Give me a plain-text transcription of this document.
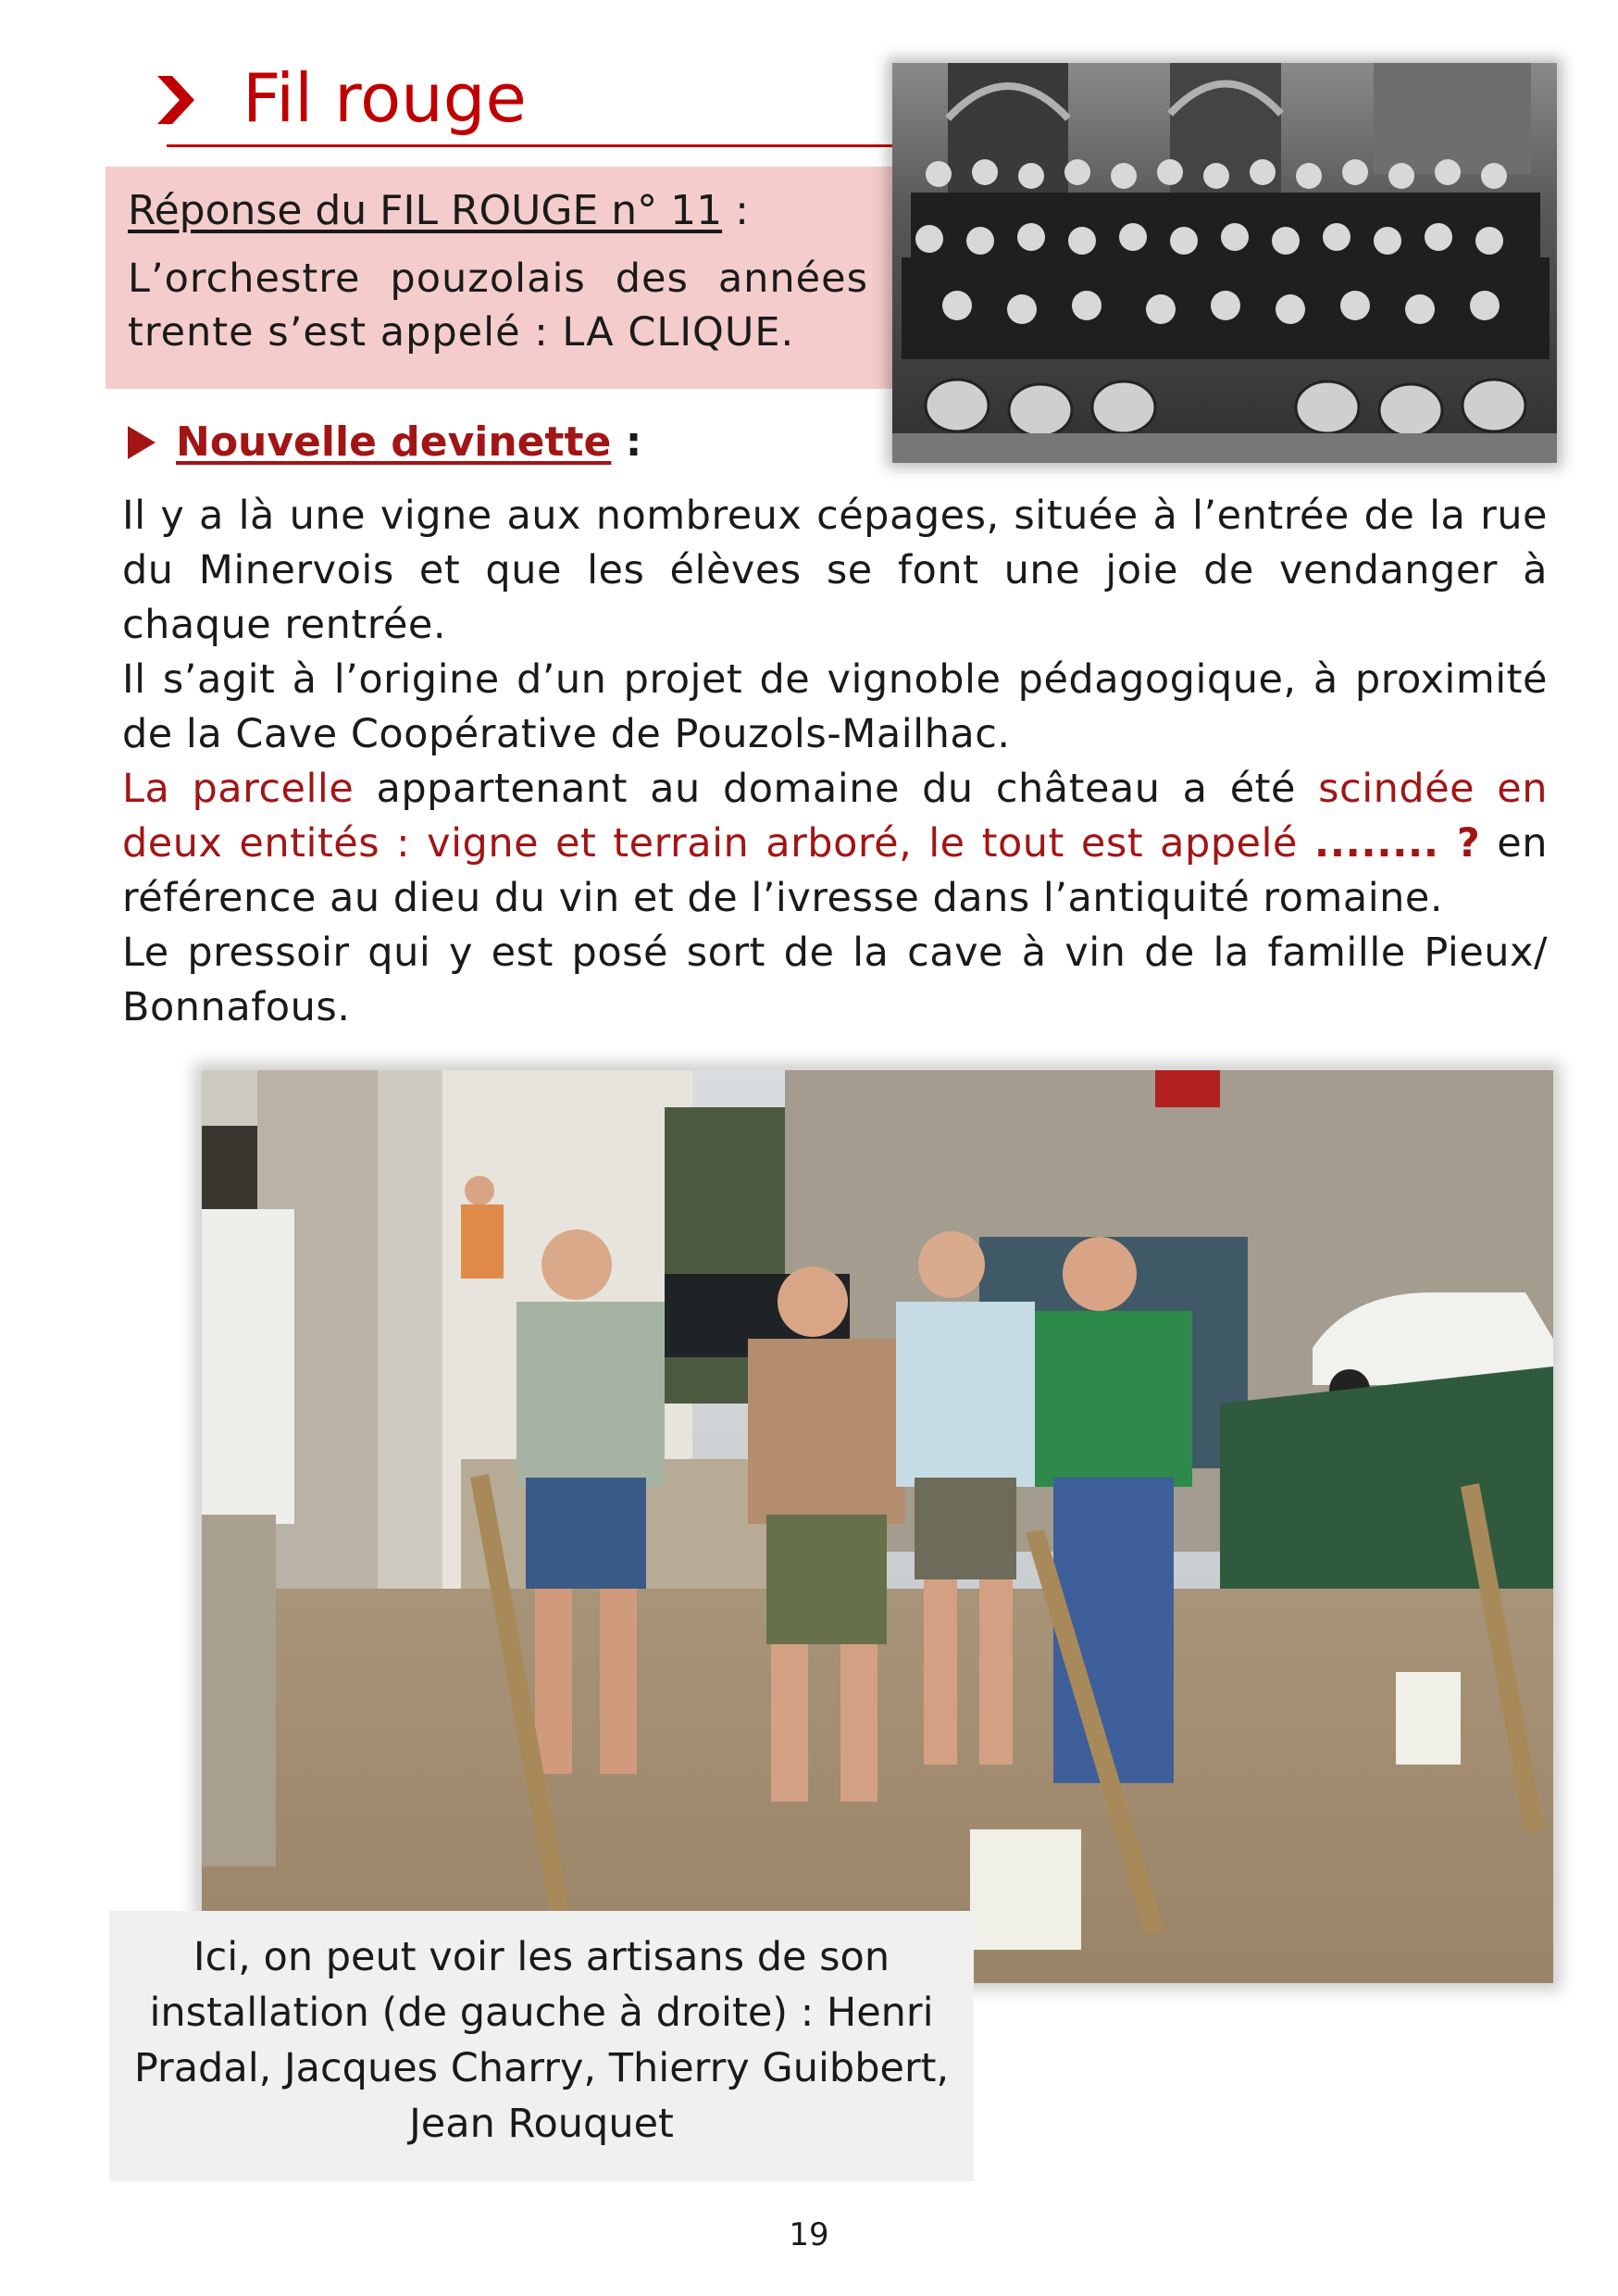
Fil rouge
Réponse du FIL ROUGE n° 11 :
L’orchestre pouzolais des années trente s’est appelé : LA CLIQUE.
Nouvelle devinette :

Il y a là une vigne aux nombreux cépages, située à l’entrée de la rue du Minervois et que les élèves se font une joie de vendanger à chaque rentrée.

Il s’agit à l’origine d’un projet de vignoble pédagogique, à proximité de la Cave Coopérative de Pouzols-Mailhac.

La parcelle appartenant au domaine du château a été scindée en deux entités : vigne et terrain arboré, le tout est appelé ........ ? en référence au dieu du vin et de l’ivresse dans l’antiquité romaine.

Le pressoir qui y est posé sort de la cave à vin de la famille Pieux/ Bonnafous.

Ici, on peut voir les artisans de son installation (de gauche à droite) : Henri Pradal, Jacques Charry, Thierry Guibbert, Jean Rouquet
19
